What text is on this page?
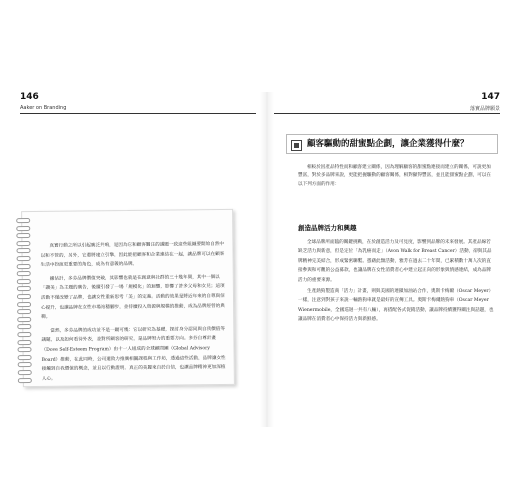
146
Aaker on Branding

真實行動之所以引起廣泛共鳴，是因為它和顧客關注的議題一致這些組織要開始自然中以和不管的，另外，它還將建立引擎，因此能把顧客和企業連結在一起，讓品牌可以在顧客生活中扮演更重要的角色，成為有意義的品牌。

據估計，多芬品牌價值突破，其影響也就是在創意與社群的三十幾年間，其中一個以「讚美」為主題的廣告，後續引發了一場「規模化」的迴響，影響了許多父母和女兒；這項活動不僅改變了品牌，也讓女性重新思考「美」的定義。活動的效果是將近年來的自尊與信心提升，也讓品牌在女性市場站穩腳步，並持續投入資源與規模的推動，成為品牌經營的典範。

當然，多芬品牌的成功並不是一蹴可幾：它以研究為基礎，探討身分認同與自我價值等議題，以及如何看待外表，並對所顧客的研究，是品牌努力的重要方向。多芬自尊計畫（Dove Self-Esteem Program）由十一人組成的全球顧問團（Global Advisory Board）推動，在此同時，公司還致力推廣相關課程與工作坊，透過這些活動，品牌讓女性接觸到自我價值的概念，並且以行動證明，真正的美麗來自於自信，也讓品牌精神更加深植人心。

147
落實品牌願景
顧客驅動的甜蜜點企劃，讓企業獲得什麼？

相較於因產品特性而和顧客建立關係，因為理解顧客的甜蜜點連接而建立的關係，可說更加豐富，對於多品牌來說，更能把握驅動的顧客關係，相對顯得豐富，並且能甜蜜點企劃，可以在以下列方面的作用：

創造品牌活力和興趣

全球品牌所面臨的關鍵挑戰，在於創造活力及可見度，影響到品牌的未來發展。其產品線若缺乏活力與新意，但是定位「為乳癌而走」（Avon Walk for Breast Cancer）活動，卻與其品牌精神完美結合，形成緊密聯繫。憑藉此類活動，雅芳在過去二十年間，已累積數十萬人次的直接參與和可觀的公益募款，也讓品牌在女性消費者心中建立起正向的形象與情感連結，成為品牌活力的重要來源。

生產熱狗製造商「活力」計畫，則與美國的連鎖加油站合作，奧斯卡梅爾（Oscar Meyer）一樣，注意到對孩子來說一輛熱狗車就是最好的宣傳工具。奧斯卡梅爾熱狗車（Oscar Meyer Wienermobile，全國巡迴一共有八輛），再搭配各式促銷活動，讓品牌持續獲得關注與話題，也讓品牌在消費者心中保持活力與新鮮感。
